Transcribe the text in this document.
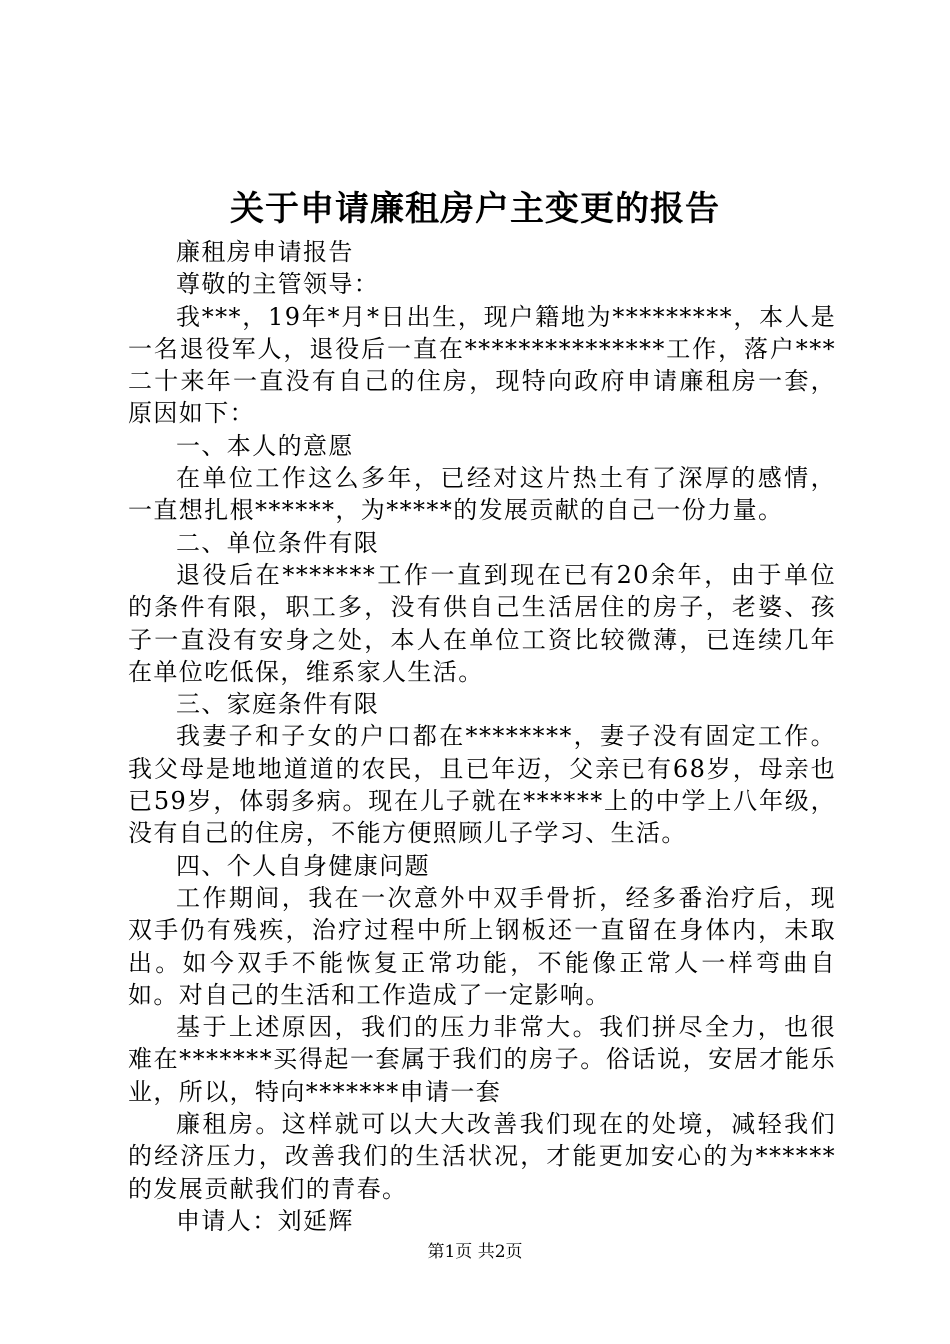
关于申请廉租房户主变更的报告

廉租房申请报告

尊敬的主管领导：

我***，19年*月*日出生，现户籍地为*********，本人是一名退役军人，退役后一直在***************工作，落户***二十来年一直没有自己的住房，现特向政府申请廉租房一套，原因如下：

一、本人的意愿

在单位工作这么多年，已经对这片热土有了深厚的感情，一直想扎根******，为*****的发展贡献的自己一份力量。

二、单位条件有限

退役后在*******工作一直到现在已有20余年，由于单位的条件有限，职工多，没有供自己生活居住的房子，老婆、孩子一直没有安身之处，本人在单位工资比较微薄，已连续几年在单位吃低保，维系家人生活。

三、家庭条件有限

我妻子和子女的户口都在********，妻子没有固定工作。我父母是地地道道的农民，且已年迈，父亲已有68岁，母亲也已59岁，体弱多病。现在儿子就在******上的中学上八年级，没有自己的住房，不能方便照顾儿子学习、生活。

四、个人自身健康问题

工作期间，我在一次意外中双手骨折，经多番治疗后，现双手仍有残疾，治疗过程中所上钢板还一直留在身体内，未取出。如今双手不能恢复正常功能，不能像正常人一样弯曲自如。对自己的生活和工作造成了一定影响。

基于上述原因，我们的压力非常大。我们拼尽全力，也很难在*******买得起一套属于我们的房子。俗话说，安居才能乐业，所以，特向*******申请一套

廉租房。这样就可以大大改善我们现在的处境，减轻我们的经济压力，改善我们的生活状况，才能更加安心的为******的发展贡献我们的青春。

申请人：刘延辉

第1页 共2页
